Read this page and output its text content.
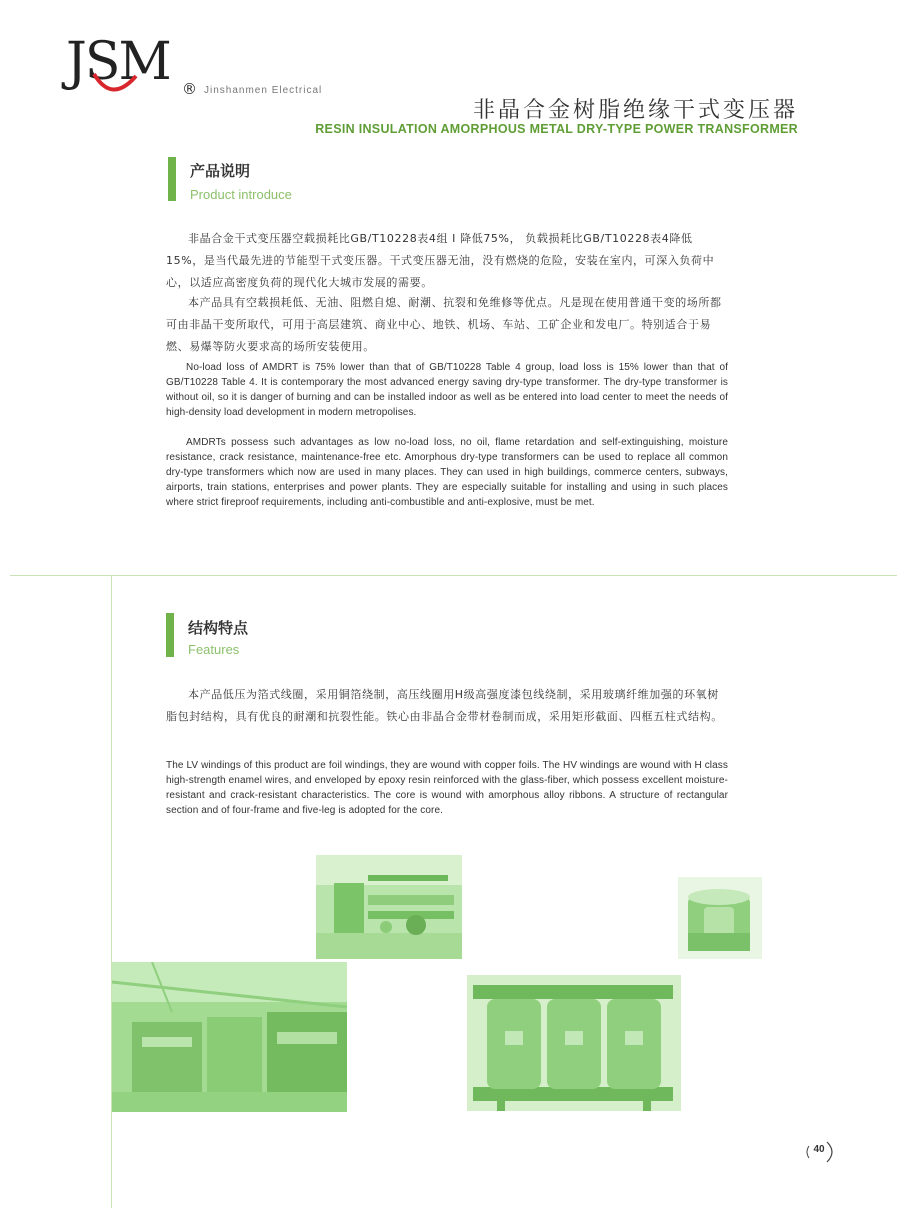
JSM ® Jinshanmen Electrical
非晶合金树脂绝缘干式变压器
RESIN INSULATION AMORPHOUS METAL DRY-TYPE POWER TRANSFORMER
产品说明
Product introduce
非晶合金干式变压器空载损耗比GB/T10228表4组 Ⅰ 降低75%， 负载损耗比GB/T10228表4降低15%，是当代最先进的节能型干式变压器。干式变压器无油，没有燃烧的危险，安装在室内，可深入负荷中心，以适应高密度负荷的现代化大城市发展的需要。
本产品具有空载损耗低、无油、阻燃自熄、耐潮、抗裂和免维修等优点。凡是现在使用普通干变的场所都可由非晶干变所取代，可用于高层建筑、商业中心、地铁、机场、车站、工矿企业和发电厂。特别适合于易燃、易爆等防火要求高的场所安装使用。
No-load loss of AMDRT is 75% lower than that of GB/T10228 Table 4 group, load loss is 15% lower than that of GB/T10228 Table 4. It is contemporary the most advanced energy saving dry-type transformer. The dry-type transformer is without oil, so it is danger of burning and can be installed indoor as well as be entered into load center to meet the needs of high-density load development in modern metropolises.
AMDRTs possess such advantages as low no-load loss, no oil, flame retardation and self-extinguishing, moisture resistance, crack resistance, maintenance-free etc. Amorphous dry-type transformers can be used to replace all common dry-type transformers which now are used in many places. They can used in high buildings, commerce centers, subways, airports, train stations, enterprises and power plants. They are especially suitable for installing and using in such places where strict fireproof requirements, including anti-combustible and anti-explosive, must be met.
结构特点
Features
本产品低压为箔式线圈，采用铜箔绕制，高压线圈用H级高强度漆包线绕制，采用玻璃纤维加强的环氧树脂包封结构，具有优良的耐潮和抗裂性能。铁心由非晶合金带材卷制而成，采用矩形截面、四框五柱式结构。
The LV windings of this product are foil windings, they are wound with copper foils. The HV windings are wound with H class high-strength enamel wires, and enveloped by epoxy resin reinforced with the glass-fiber, which possess excellent moisture-resistant and crack-resistant characteristics. The core is wound with amorphous alloy ribbons. A structure of rectangular section and of four-frame and five-leg is adopted for the core.
40
